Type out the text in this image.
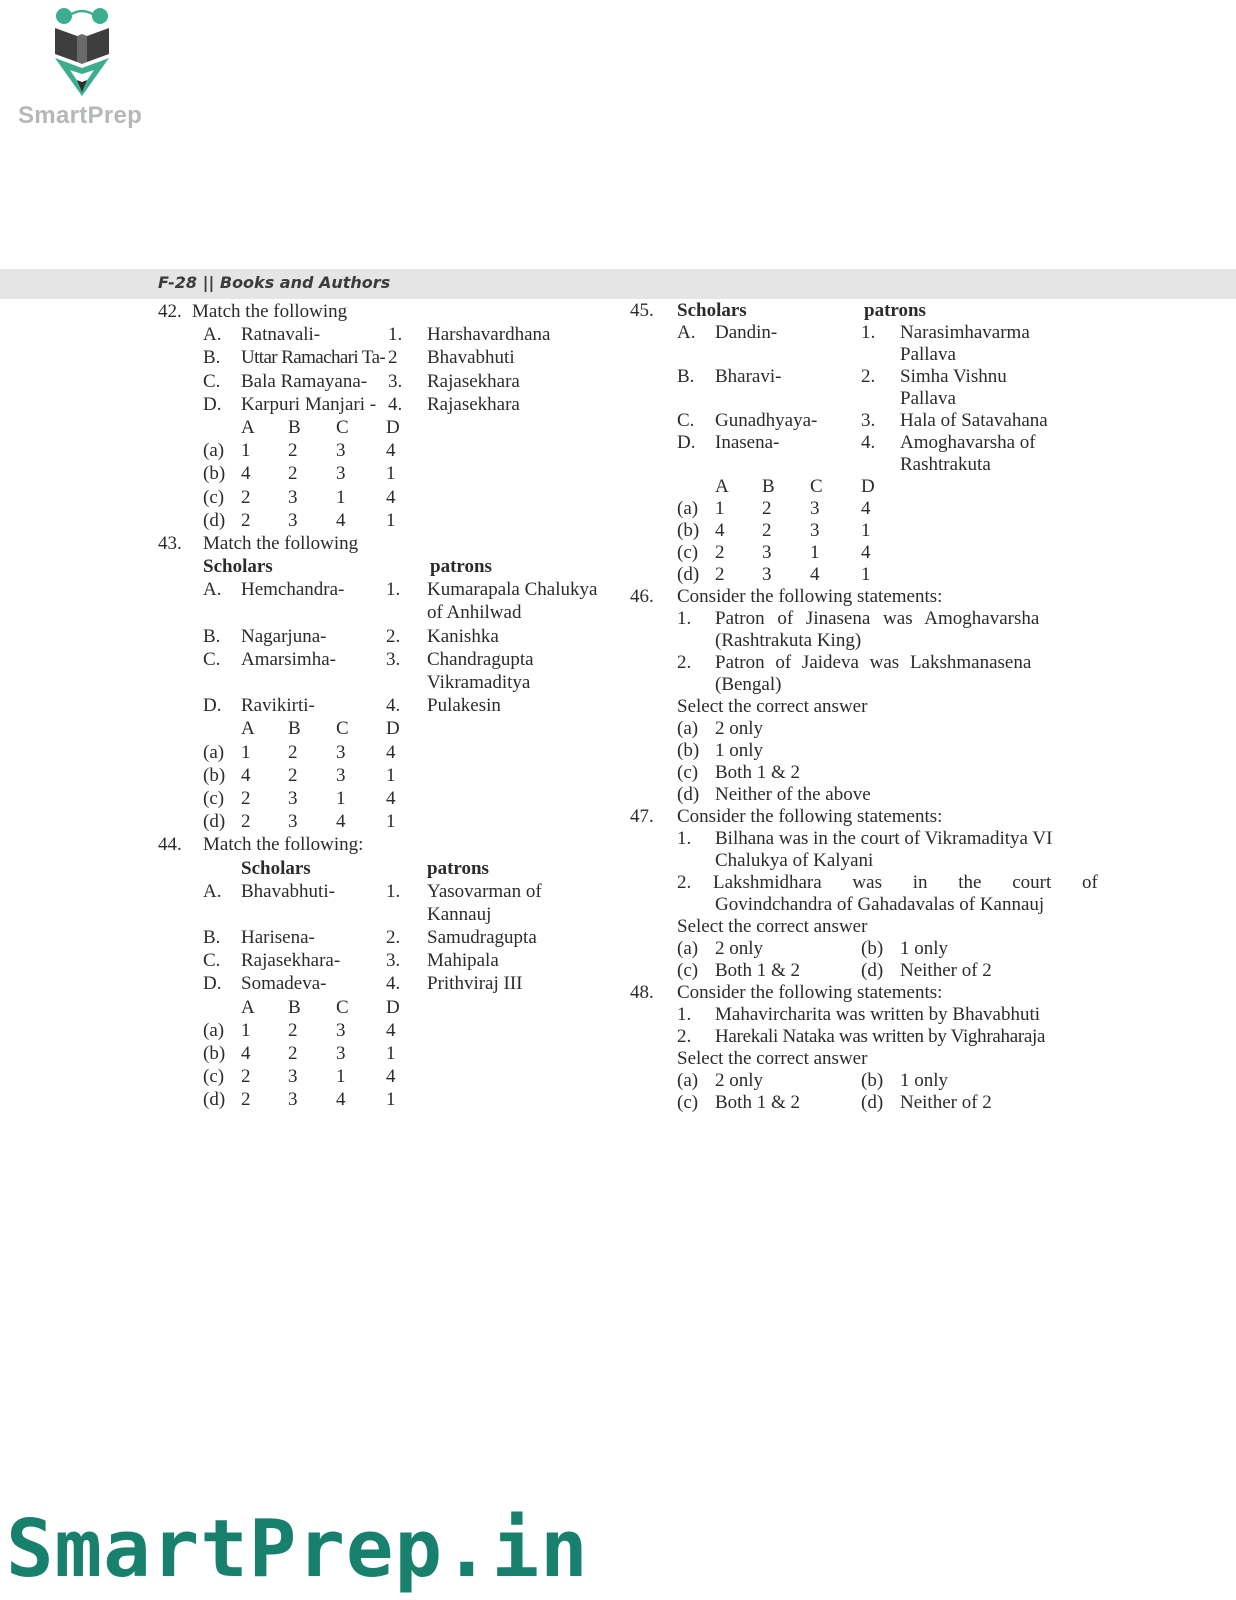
SmartPrep
F-28 || Books and Authors
42. Match the following
A. Ratnavali-	1. Harshavardhana
B. Uttar Ramachari Ta- 2 Bhavabhuti
C. Bala Ramayana- 3. Rajasekhara
D. Karpuri Manjari - 4. Rajasekhara
A B C D
(a) 1 2 3 4
(b) 4 2 3 1
(c) 2 3 1 4
(d) 2 3 4 1
43. Match the following
Scholars	patrons
A. Hemchandra- 1. Kumarapala Chalukya
of Anhilwad
B. Nagarjuna-	2. Kanishka
C. Amarsimha-	3. Chandragupta
Vikramaditya
D. Ravikirti-	4. Pulakesin
A B C D
(a) 1 2 3 4
(b) 4 2 3 1
(c) 2 3 1 4
(d) 2 3 4 1
44. Match the following:
Scholars	patrons
A. Bhavabhuti-	1. Yasovarman of
Kannauj
B. Harisena-	2. Samudragupta
C. Rajasekhara- 3. Mahipala
D. Somadeva-	4. Prithviraj III
A B C D
(a) 1 2 3 4
(b) 4 2 3 1
(c) 2 3 1 4
(d) 2 3 4 1
45. Scholars	patrons
A. Dandin-	1. Narasimhavarma
Pallava
B. Bharavi-	2. Simha Vishnu
Pallava
C. Gunadhyaya- 3. Hala of Satavahana
D. Inasena-	4. Amoghavarsha of
Rashtrakuta
A B C D
(a) 1 2 3 4
(b) 4 2 3 1
(c) 2 3 1 4
(d) 2 3 4 1
46. Consider the following statements:
1. Patron of Jinasena was Amoghavarsha
(Rashtrakuta King)
2. Patron of Jaideva was Lakshmanasena
(Bengal)
Select the correct answer
(a) 2 only
(b) 1 only
(c) Both 1 & 2
(d) Neither of the above
47. Consider the following statements:
1. Bilhana was in the court of Vikramaditya VI
Chalukya of Kalyani
2. Lakshmidhara was in the court of
Govindchandra of Gahadavalas of Kannauj
Select the correct answer
(a) 2 only	(b) 1 only
(c) Both 1 & 2	(d) Neither of 2
48. Consider the following statements:
1. Mahavircharita was written by Bhavabhuti
2. Harekali Nataka was written by Vighraharaja
Select the correct answer
(a) 2 only	(b) 1 only
(c) Both 1 & 2	(d) Neither of 2
SmartPrep.in
